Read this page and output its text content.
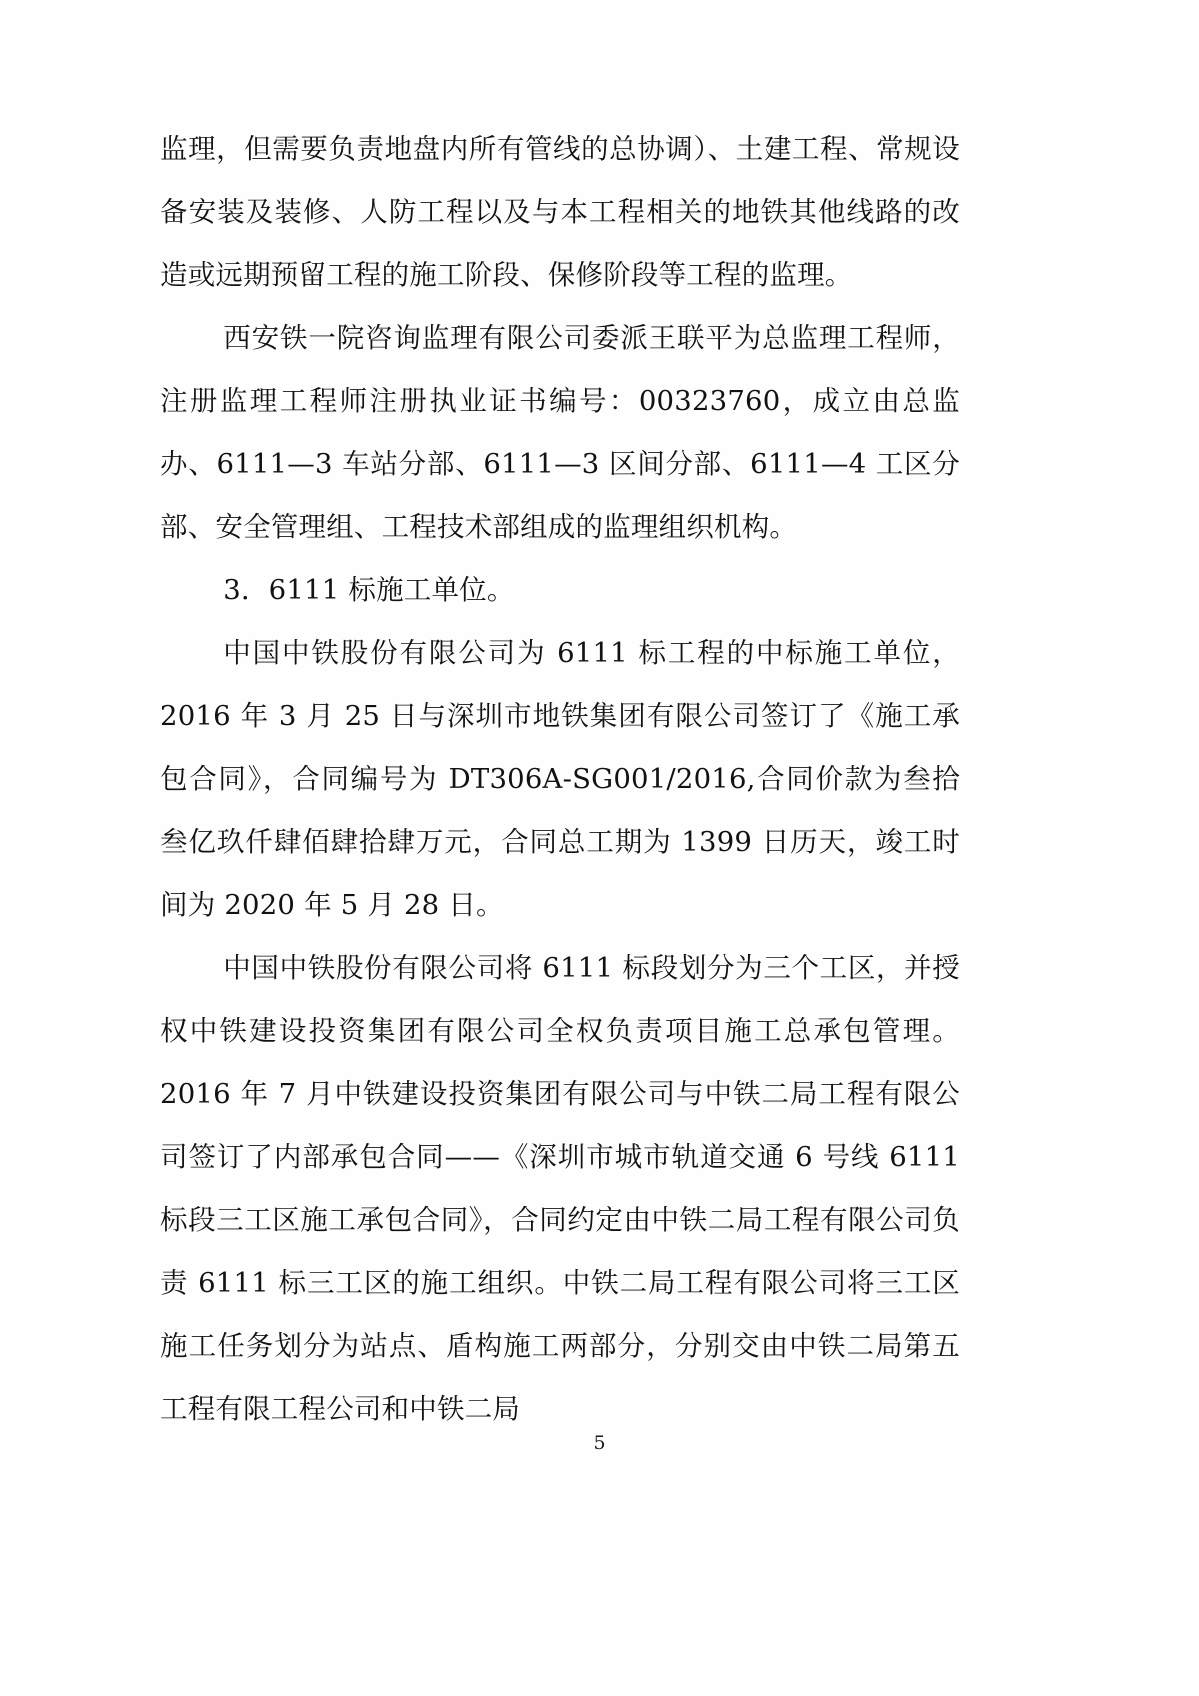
监理，但需要负责地盘内所有管线的总协调）、土建工程、常规设备安装及装修、人防工程以及与本工程相关的地铁其他线路的改造或远期预留工程的施工阶段、保修阶段等工程的监理。

西安铁一院咨询监理有限公司委派王联平为总监理工程师，注册监理工程师注册执业证书编号：00323760，成立由总监办、6111—3 车站分部、6111—3 区间分部、6111—4 工区分部、安全管理组、工程技术部组成的监理组织机构。

3．6111 标施工单位。

中国中铁股份有限公司为 6111 标工程的中标施工单位，2016 年 3 月 25 日与深圳市地铁集团有限公司签订了《施工承包合同》，合同编号为 DT306A-SG001/2016,合同价款为叁拾叁亿玖仟肆佰肆拾肆万元，合同总工期为 1399 日历天，竣工时间为 2020 年 5 月 28 日。

中国中铁股份有限公司将 6111 标段划分为三个工区，并授权中铁建设投资集团有限公司全权负责项目施工总承包管理。2016 年 7 月中铁建设投资集团有限公司与中铁二局工程有限公司签订了内部承包合同——《深圳市城市轨道交通 6 号线 6111 标段三工区施工承包合同》，合同约定由中铁二局工程有限公司负责 6111 标三工区的施工组织。中铁二局工程有限公司将三工区施工任务划分为站点、盾构施工两部分，分别交由中铁二局第五工程有限工程公司和中铁二局

5
